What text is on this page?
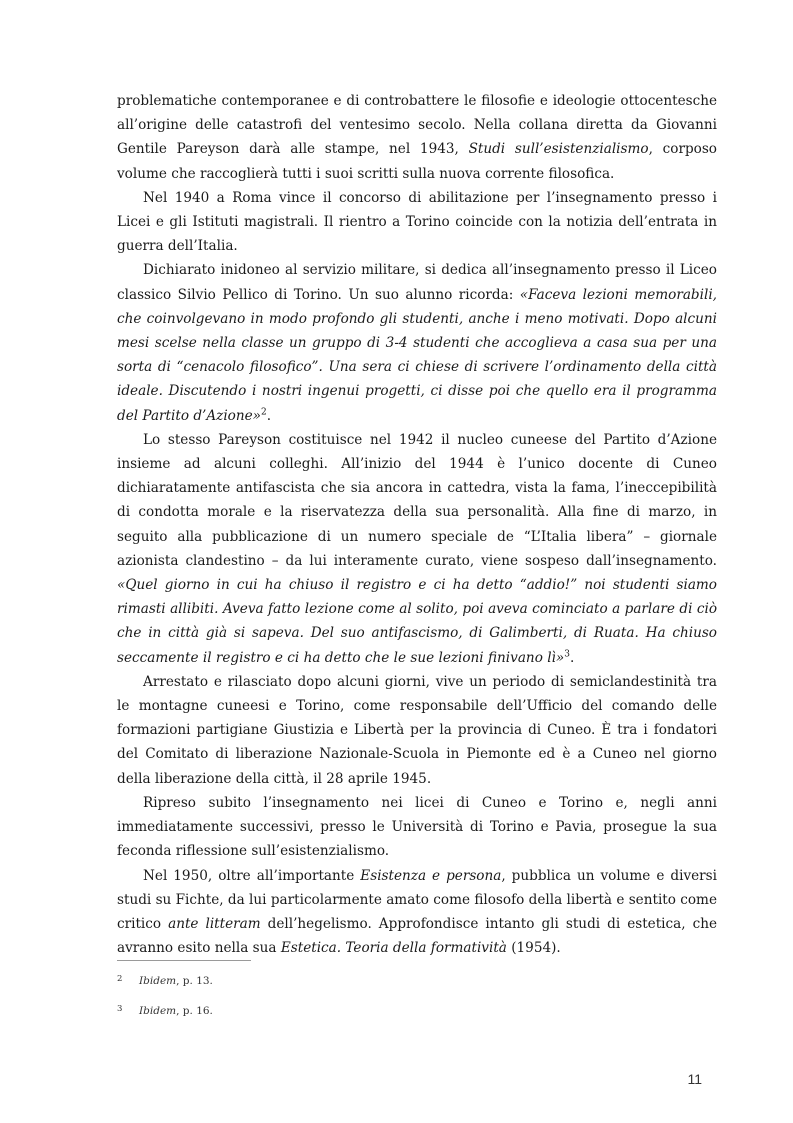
problematiche contemporanee e di controbattere le filosofie e ideologie ottocentesche all’origine delle catastrofi del ventesimo secolo. Nella collana diretta da Giovanni Gentile Pareyson darà alle stampe, nel 1943, Studi sull’esistenzialismo, corposo volume che raccoglierà tutti i suoi scritti sulla nuova corrente filosofica.

Nel 1940 a Roma vince il concorso di abilitazione per l’insegnamento presso i Licei e gli Istituti magistrali. Il rientro a Torino coincide con la notizia dell’entrata in guerra dell’Italia.

Dichiarato inidoneo al servizio militare, si dedica all’insegnamento presso il Liceo classico Silvio Pellico di Torino. Un suo alunno ricorda: «Faceva lezioni memorabili, che coinvolgevano in modo profondo gli studenti, anche i meno motivati. Dopo alcuni mesi scelse nella classe un gruppo di 3-4 studenti che accoglieva a casa sua per una sorta di “cenacolo filosofico”. Una sera ci chiese di scrivere l’ordinamento della città ideale. Discutendo i nostri ingenui progetti, ci disse poi che quello era il programma del Partito d’Azione»$^2$.

Lo stesso Pareyson costituisce nel 1942 il nucleo cuneese del Partito d’Azione insieme ad alcuni colleghi. All’inizio del 1944 è l’unico docente di Cuneo dichiaratamente antifascista che sia ancora in cattedra, vista la fama, l’ineccepibilità di condotta morale e la riservatezza della sua personalità. Alla fine di marzo, in seguito alla pubblicazione di un numero speciale de “L’Italia libera” – giornale azionista clandestino – da lui interamente curato, viene sospeso dall’insegnamento. «Quel giorno in cui ha chiuso il registro e ci ha detto “addio!” noi studenti siamo rimasti allibiti. Aveva fatto lezione come al solito, poi aveva cominciato a parlare di ciò che in città già si sapeva. Del suo antifascismo, di Galimberti, di Ruata. Ha chiuso seccamente il registro e ci ha detto che le sue lezioni finivano lì»$^3$.

Arrestato e rilasciato dopo alcuni giorni, vive un periodo di semiclandestinità tra le montagne cuneesi e Torino, come responsabile dell’Ufficio del comando delle formazioni partigiane Giustizia e Libertà per la provincia di Cuneo. È tra i fondatori del Comitato di liberazione Nazionale-Scuola in Piemonte ed è a Cuneo nel giorno della liberazione della città, il 28 aprile 1945.

Ripreso subito l’insegnamento nei licei di Cuneo e Torino e, negli anni immediatamente successivi, presso le Università di Torino e Pavia, prosegue la sua feconda riflessione sull’esistenzialismo.

Nel 1950, oltre all’importante Esistenza e persona, pubblica un volume e diversi studi su Fichte, da lui particolarmente amato come filosofo della libertà e sentito come critico ante litteram dell’hegelismo. Approfondisce intanto gli studi di estetica, che avranno esito nella sua Estetica. Teoria della formatività (1954).

2 Ibidem, p. 13.
3 Ibidem, p. 16.
11
